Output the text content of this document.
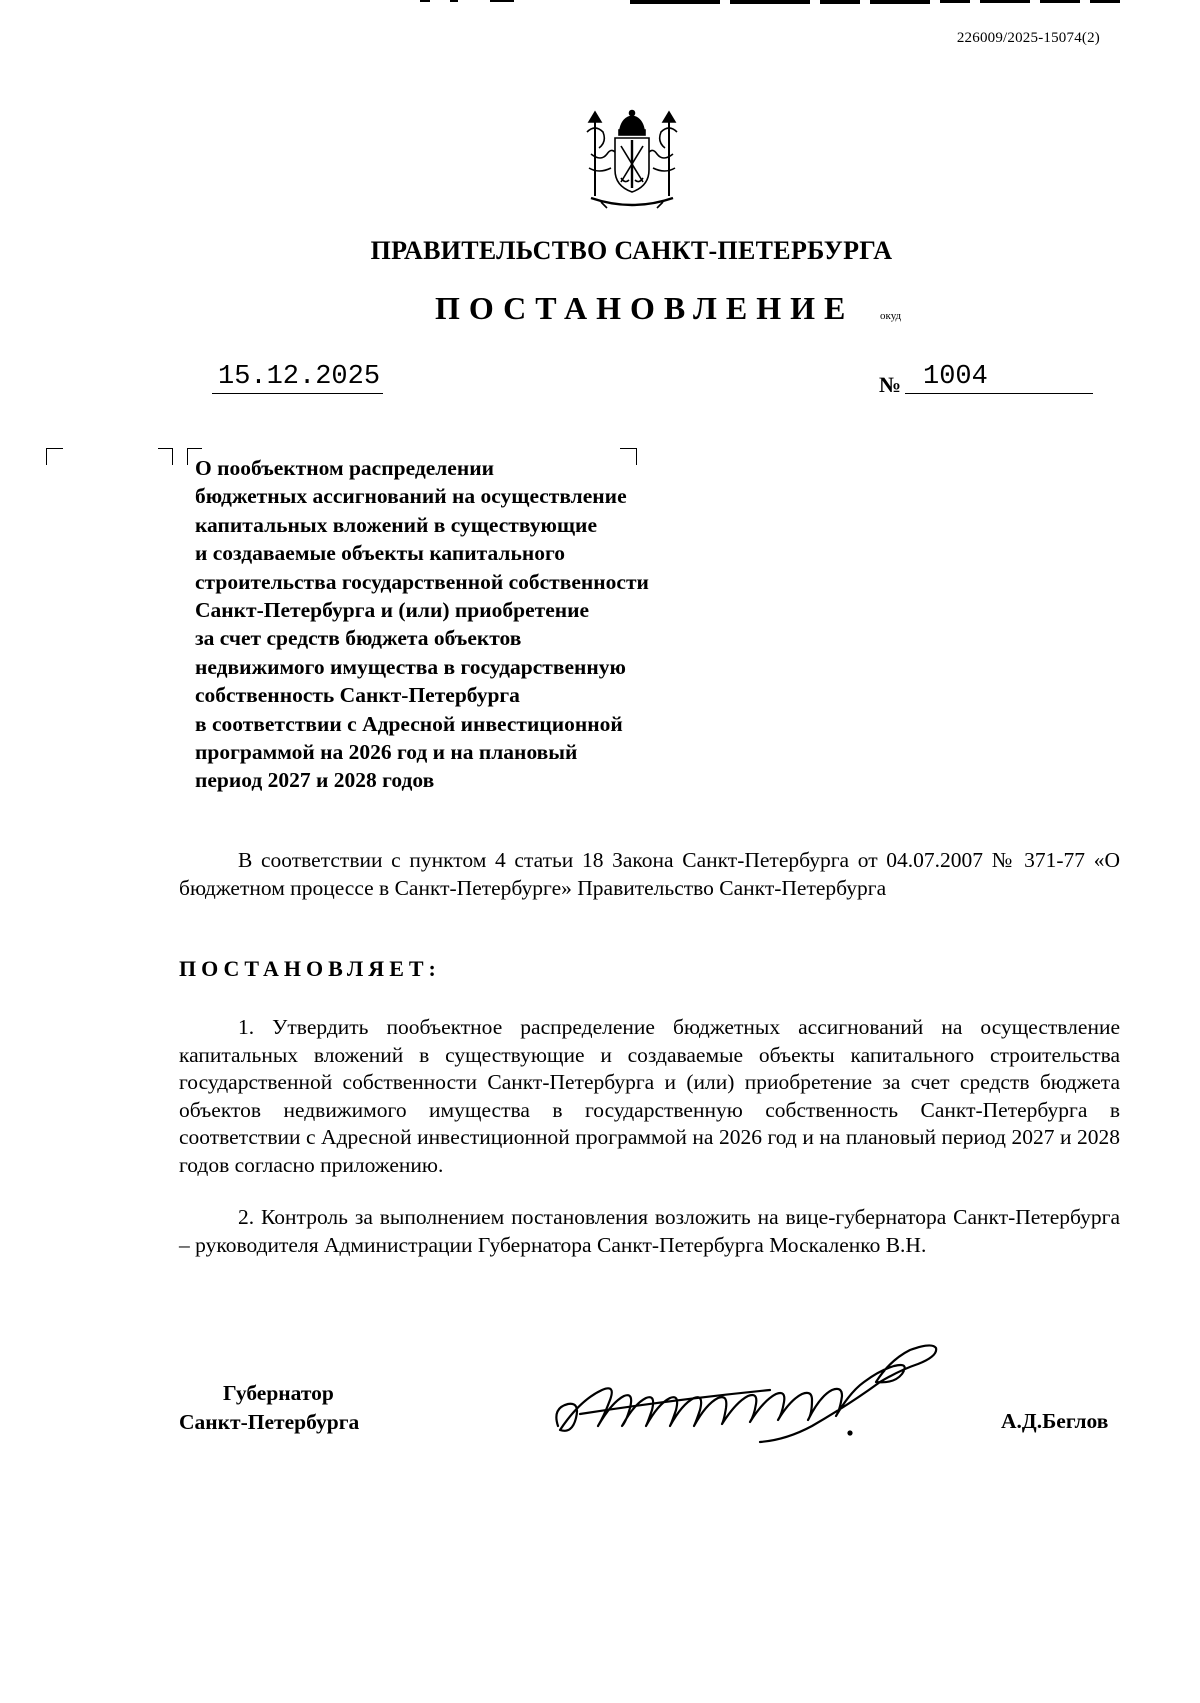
226009/2025-15074(2)
ПРАВИТЕЛЬСТВО САНКТ-ПЕТЕРБУРГА
ПОСТАНОВЛЕНИЕ окуд
15.12.2025	№ 1004
О пообъектном распределении
бюджетных ассигнований на осуществление
капитальных вложений в существующие
и создаваемые объекты капитального
строительства государственной собственности
Санкт-Петербурга и (или) приобретение
за счет средств бюджета объектов
недвижимого имущества в государственную
собственность Санкт-Петербурга
в соответствии с Адресной инвестиционной
программой на 2026 год и на плановый
период 2027 и 2028 годов
В соответствии с пунктом 4 статьи 18 Закона Санкт-Петербурга от 04.07.2007 № 371-77 «О бюджетном процессе в Санкт-Петербурге» Правительство Санкт-Петербурга
ПОСТАНОВЛЯЕТ:
1. Утвердить пообъектное распределение бюджетных ассигнований на осуществление капитальных вложений в существующие и создаваемые объекты капитального строительства государственной собственности Санкт-Петербурга и (или) приобретение за счет средств бюджета объектов недвижимого имущества в государственную собственность Санкт-Петербурга в соответствии с Адресной инвестиционной программой на 2026 год и на плановый период 2027 и 2028 годов согласно приложению.
2. Контроль за выполнением постановления возложить на вице-губернатора Санкт-Петербурга – руководителя Администрации Губернатора Санкт-Петербурга Москаленко В.Н.
Губернатор
Санкт-Петербурга	А.Д.Беглов
